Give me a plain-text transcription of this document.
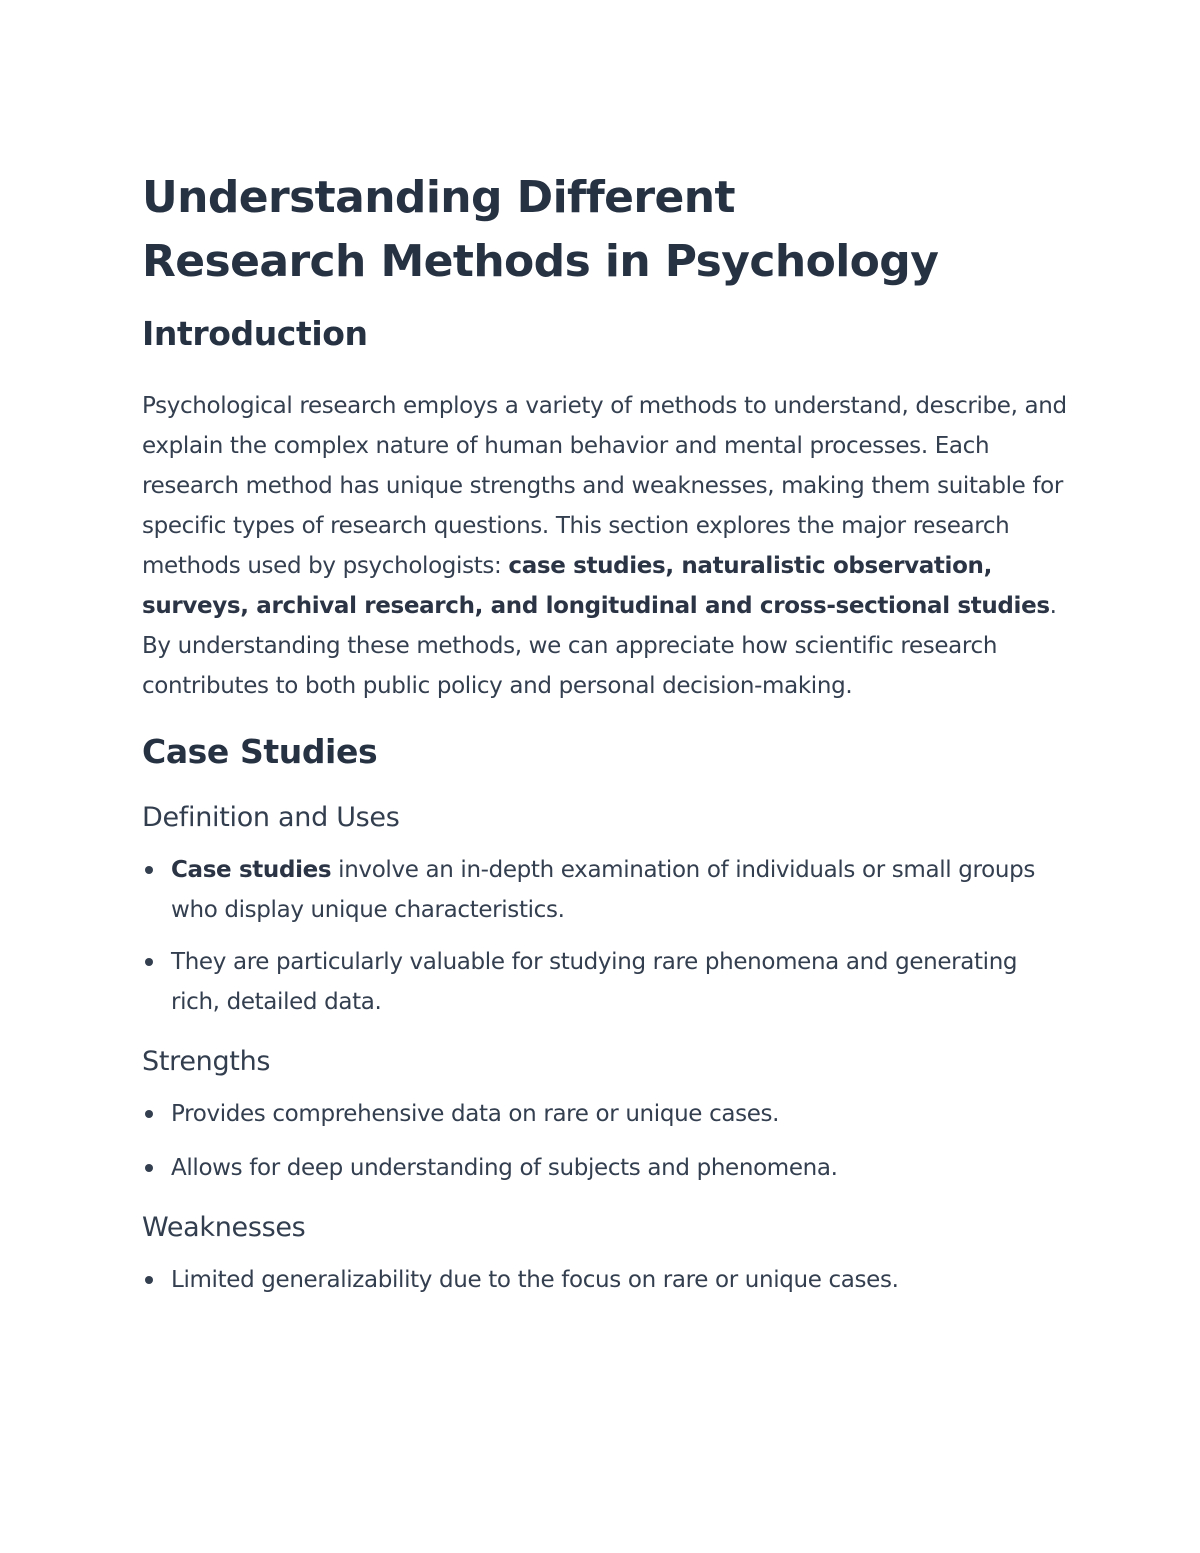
Understanding Different Research Methods in Psychology
Introduction

Psychological research employs a variety of methods to understand, describe, and explain the complex nature of human behavior and mental processes. Each research method has unique strengths and weaknesses, making them suitable for specific types of research questions. This section explores the major research methods used by psychologists: case studies, naturalistic observation, surveys, archival research, and longitudinal and cross-sectional studies. By understanding these methods, we can appreciate how scientific research contributes to both public policy and personal decision-making.

Case Studies
Definition and Uses
Case studies involve an in-depth examination of individuals or small groups who display unique characteristics.
They are particularly valuable for studying rare phenomena and generating rich, detailed data.
Strengths
Provides comprehensive data on rare or unique cases.
Allows for deep understanding of subjects and phenomena.
Weaknesses
Limited generalizability due to the focus on rare or unique cases.
